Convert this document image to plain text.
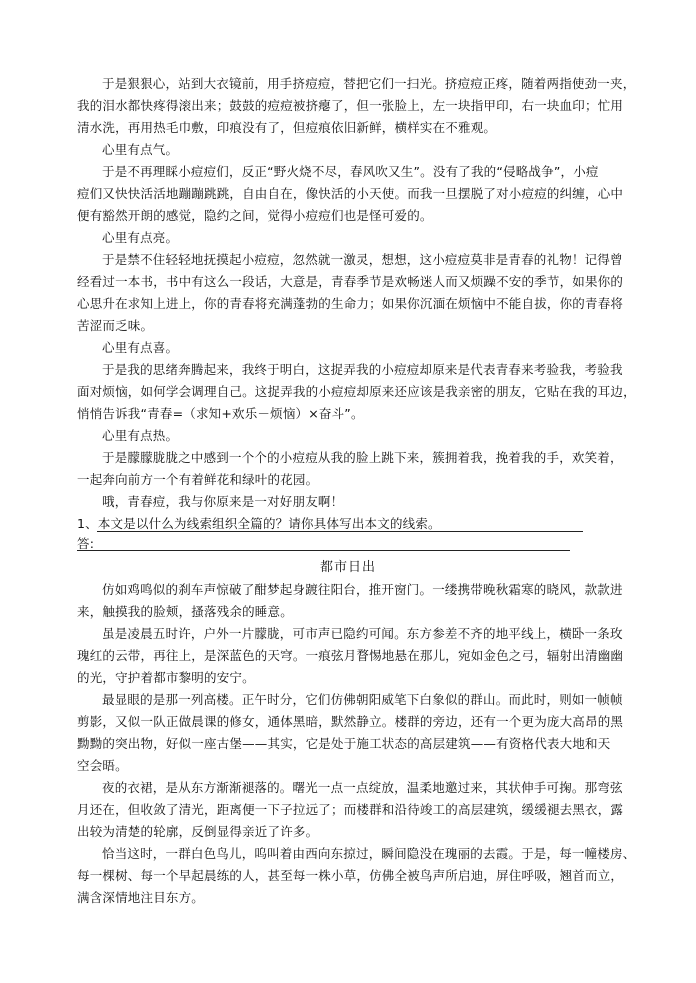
于是狠狠心，站到大衣镜前，用手挤痘痘，替把它们一扫光。挤痘痘正疼，随着两指使劲一夹，
我的泪水都快疼得滚出来；鼓鼓的痘痘被挤瘪了，但一张脸上，左一块指甲印，右一块血印；忙用
清水洗，再用热毛巾敷，印痕没有了，但痘痕依旧新鲜，横样实在不雅观。
心里有点气。
于是不再理睬小痘痘们，反正“野火烧不尽，春风吹又生”。没有了我的“侵略战争”，小痘
痘们又快快活活地蹦蹦跳跳，自由自在，像快活的小天使。而我一旦摆脱了对小痘痘的纠缠，心中
便有豁然开朗的感觉，隐约之间，觉得小痘痘们也是怪可爱的。
心里有点亮。
于是禁不住轻轻地抚摸起小痘痘，忽然就一激灵，想想，这小痘痘莫非是青春的礼物！记得曾
经看过一本书，书中有这么一段话，大意是，青春季节是欢畅迷人而又烦躁不安的季节，如果你的
心思升在求知上进上，你的青春将充满蓬勃的生命力；如果你沉湎在烦恼中不能自拔，你的青春将
苦涩而乏味。
心里有点喜。
于是我的思绪奔腾起来，我终于明白，这捉弄我的小痘痘却原来是代表青春来考验我，考验我
面对烦恼，如何学会调理自己。这捉弄我的小痘痘却原来还应该是我亲密的朋友，它贴在我的耳边，
悄悄告诉我“青春=（求知+欢乐－烦恼）×奋斗”。
心里有点热。
于是朦朦胧胧之中感到一个个的小痘痘从我的脸上跳下来，簇拥着我，挽着我的手，欢笑着，
一起奔向前方一个有着鲜花和绿叶的花园。
哦，青春痘，我与你原来是一对好朋友啊！
1、本文是以什么为线索组织全篇的？请你具体写出本文的线索。
答:
都市日出
仿如鸡鸣似的刹车声惊破了酣梦起身踱往阳台，推开窗门。一缕携带晚秋霜寒的晓风，款款进
来，触摸我的脸颊，搔落残余的睡意。
虽是凌晨五时许，户外一片朦胧，可市声已隐约可闻。东方参差不齐的地平线上，横卧一条玫
瑰红的云带，再往上，是深蓝色的天穹。一痕弦月瞀惕地悬在那儿，宛如金色之弓，辐射出清幽幽
的光，守护着都市黎明的安宁。
最显眼的是那一列高楼。正午时分，它们仿佛朝阳威笔下白象似的群山。而此时，则如一帧帧
剪影，又似一队正做晨课的修女，通体黑暗，默然静立。楼群的旁边，还有一个更为庞大高昂的黑
黝黝的突出物，好似一座古堡——其实，它是处于施工状态的高层建筑——有资格代表大地和天
空会晤。
夜的衣裙，是从东方渐渐褪落的。曙光一点一点绽放，温柔地邀过来，其状伸手可掬。那弯弦
月还在，但收敛了清光，距离便一下子拉远了；而楼群和沿待竣工的高层建筑，缓缓褪去黑衣，露
出较为清楚的轮廓，反倒显得亲近了许多。
恰当这时，一群白色鸟儿，呜叫着由西向东掠过，瞬间隐没在瑰丽的去霞。于是，每一幢楼房、
每一棵树、每一个早起晨练的人，甚至每一株小草，仿佛全被鸟声所启迪，屏住呼吸，翘首而立，
满含深情地注目东方。
